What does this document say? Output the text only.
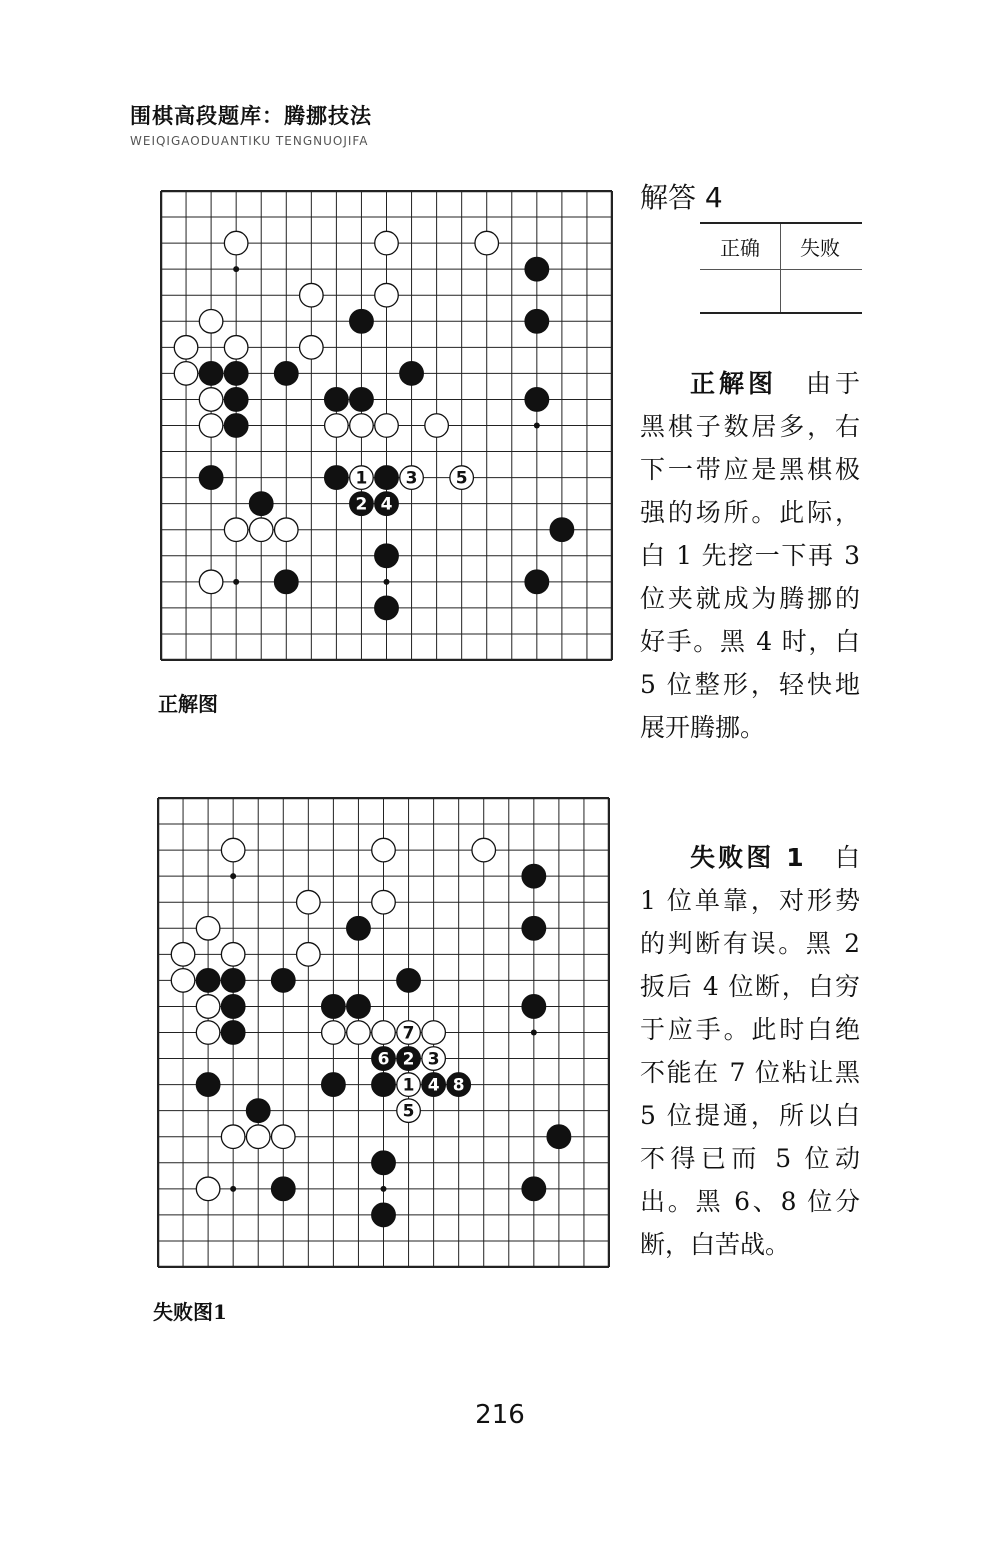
围棋高段题库：腾挪技法
WEIQIGAODUANTIKU TENGNUOJIFA
1 3 5
2 4
正解图
7
6 2 3
1 4 8
5
失败图1
解答 4
正确	失败

正解图　 由于黑棋子数居多，右下一带应是黑棋极强的场所。此际，白 1 先挖一下再 3 位夹就成为腾挪的好手。黑 4 时，白 5 位整形，轻快地展开腾挪。

失败图 1　 白 1 位单靠，对形势的判断有误。黑 2 扳后 4 位断，白穷于应手。此时白绝不能在 7 位粘让黑 5 位提通，所以白不得已而 5 位动出。黑 6、8 位分断，白苦战。

216
